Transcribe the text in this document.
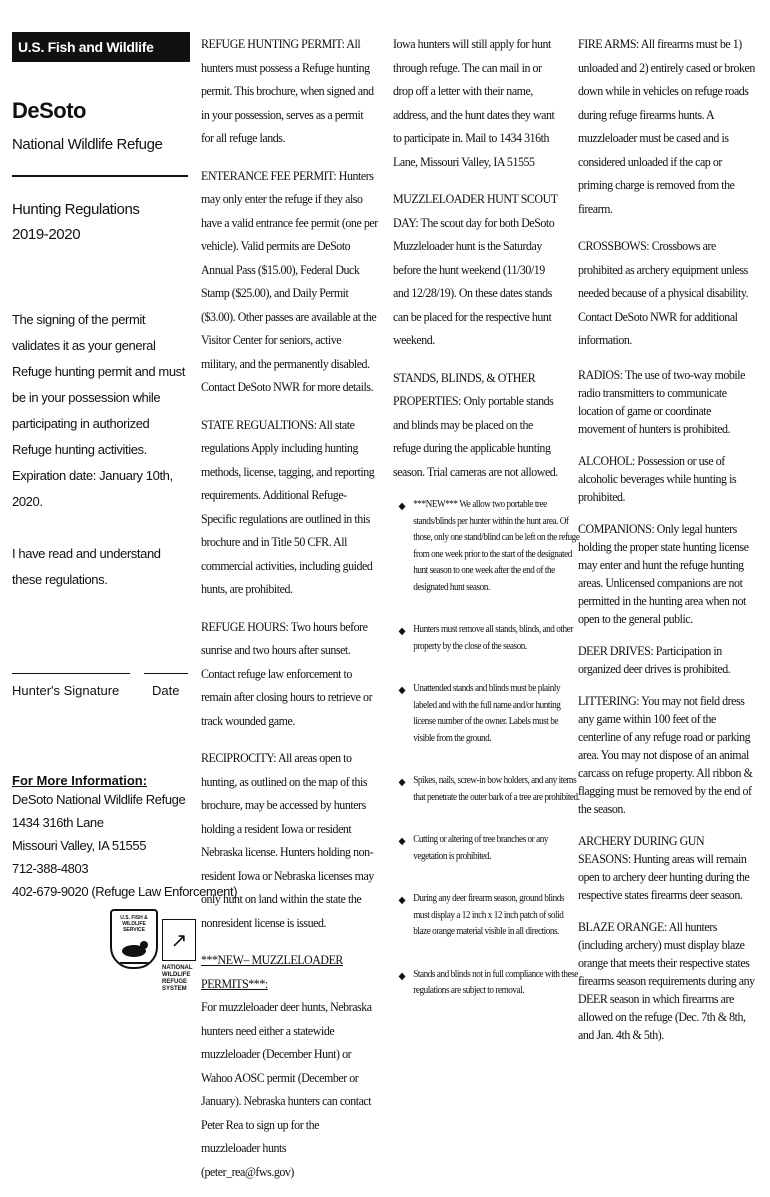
U.S. Fish and Wildlife Service
DeSoto
National Wildlife Refuge
Hunting Regulations
2019-2020
The signing of the permit validates it as your general Refuge hunting permit and must be in your possession while participating in authorized Refuge hunting activities. Expiration date: January 10th, 2020.
I have read and understand these regulations.
Hunter's Signature	Date
For More Information:
DeSoto National Wildlife Refuge
1434 316th Lane
Missouri Valley, IA 51555
712-388-4803
402-679-9020 (Refuge Law Enforcement)
U.S. FISH & WILDLIFE SERVICE	↗
NATIONAL WILDLIFE REFUGE SYSTEM

REFUGE HUNTING PERMIT: All hunters must possess a Refuge hunting permit. This brochure, when signed and in your possession, serves as a permit for all refuge lands.

ENTERANCE FEE PERMIT: Hunters may only enter the refuge if they also have a valid entrance fee permit (one per vehicle). Valid permits are DeSoto Annual Pass ($15.00), Federal Duck Stamp ($25.00), and Daily Permit ($3.00). Other passes are available at the Visitor Center for seniors, active military, and the permanently disabled. Contact DeSoto NWR for more details.

STATE REGUALTIONS: All state regulations Apply including hunting methods, license, tagging, and reporting requirements. Additional Refuge-Specific regulations are outlined in this brochure and in Title 50 CFR. All commercial activities, including guided hunts, are prohibited.

REFUGE HOURS: Two hours before sunrise and two hours after sunset. Contact refuge law enforcement to remain after closing hours to retrieve or track wounded game.

RECIPROCITY: All areas open to hunting, as outlined on the map of this brochure, may be accessed by hunters holding a resident Iowa or resident Nebraska license. Hunters holding non-resident Iowa or Nebraska licenses may only hunt on land within the state the nonresident license is issued.

***NEW– MUZZLELOADER PERMITS***:

For muzzleloader deer hunts, Nebraska hunters need either a statewide muzzleloader (December Hunt) or Wahoo AOSC permit (December or January). Nebraska hunters can contact Peter Rea to sign up for the muzzleloader hunts (peter_rea@fws.gov)

Iowa hunters will still apply for hunt through refuge. The can mail in or drop off a letter with their name, address, and the hunt dates they want to participate in. Mail to 1434 316th Lane, Missouri Valley, IA 51555

MUZZLELOADER HUNT SCOUT DAY: The scout day for both DeSoto Muzzleloader hunt is the Saturday before the hunt weekend (11/30/19 and 12/28/19). On these dates stands can be placed for the respective hunt weekend.

STANDS, BLINDS, & OTHER PROPERTIES: Only portable stands and blinds may be placed on the refuge during the applicable hunting season. Trial cameras are not allowed.

◆ ***NEW*** We allow two portable tree stands/blinds per hunter within the hunt area. Of those, only one stand/blind can be left on the refuge from one week prior to the start of the designated hunt season to one week after the end of the designated hunt season.
◆ Hunters must remove all stands, blinds, and other property by the close of the season.
◆ Unattended stands and blinds must be plainly labeled and with the full name and/or hunting license number of the owner. Labels must be visible from the ground.
◆ Spikes, nails, screw-in bow holders, and any items that penetrate the outer bark of a tree are prohibited.
◆ Cutting or altering of tree branches or any vegetation is prohibited.
◆ During any deer firearm season, ground blinds must display a 12 inch x 12 inch patch of solid blaze orange material visible in all directions.
◆ Stands and blinds not in full compliance with these regulations are subject to removal.

FIRE ARMS: All firearms must be 1) unloaded and 2) entirely cased or broken down while in vehicles on refuge roads during refuge firearms hunts. A muzzleloader must be cased and is considered unloaded if the cap or priming charge is removed from the firearm.

CROSSBOWS: Crossbows are prohibited as archery equipment unless needed because of a physical disability. Contact DeSoto NWR for additional information.

RADIOS: The use of two-way mobile radio transmitters to communicate location of game or coordinate movement of hunters is prohibited.

ALCOHOL: Possession or use of alcoholic beverages while hunting is prohibited.

COMPANIONS: Only legal hunters holding the proper state hunting license may enter and hunt the refuge hunting areas. Unlicensed companions are not permitted in the hunting area when not open to the general public.

DEER DRIVES: Participation in organized deer drives is prohibited.

LITTERING: You may not field dress any game within 100 feet of the centerline of any refuge road or parking area. You may not dispose of an animal carcass on refuge property. All ribbon & flagging must be removed by the end of the season.

ARCHERY DURING GUN SEASONS: Hunting areas will remain open to archery deer hunting during the respective states firearms deer season.

BLAZE ORANGE: All hunters (including archery) must display blaze orange that meets their respective states firearms season requirements during any DEER season in which firearms are allowed on the refuge (Dec. 7th & 8th, and Jan. 4th & 5th).
